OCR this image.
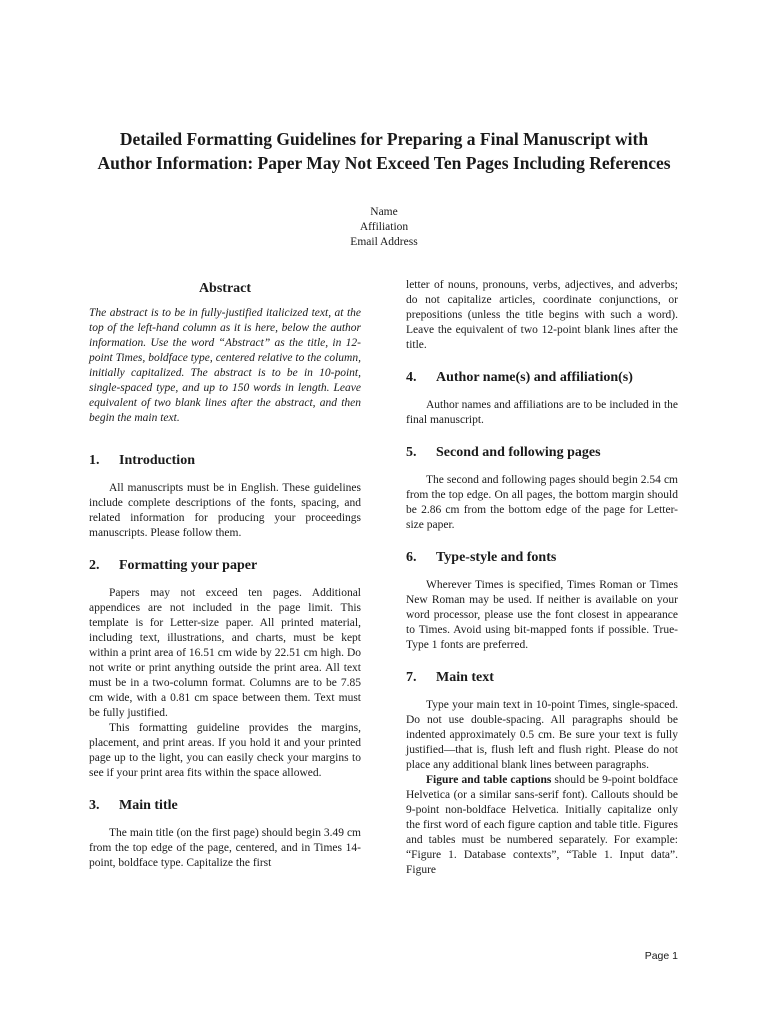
Detailed Formatting Guidelines for Preparing a Final Manuscript with
Author Information: Paper May Not Exceed Ten Pages Including References
Name
Affiliation
Email Address
Abstract

The abstract is to be in fully-justified italicized text, at the top of the left-hand column as it is here, below the author information. Use the word “Abstract” as the title, in 12-point Times, boldface type, centered relative to the column, initially capitalized. The abstract is to be in 10-point, single-spaced type, and up to 150 words in length. Leave equivalent of two blank lines after the abstract, and then begin the main text.

1.	Introduction

All manuscripts must be in English. These guidelines include complete descriptions of the fonts, spacing, and related information for producing your proceedings manuscripts. Please follow them.

2.	Formatting your paper

Papers may not exceed ten pages. Additional appendices are not included in the page limit. This template is for Letter-size paper. All printed material, including text, illustrations, and charts, must be kept within a print area of 16.51 cm wide by 22.51 cm high. Do not write or print anything outside the print area. All text must be in a two-column format. Columns are to be 7.85 cm wide, with a 0.81 cm space between them. Text must be fully justified.

This formatting guideline provides the margins, placement, and print areas. If you hold it and your printed page up to the light, you can easily check your margins to see if your print area fits within the space allowed.

3.	Main title

The main title (on the first page) should begin 3.49 cm from the top edge of the page, centered, and in Times 14-point, boldface type. Capitalize the first

letter of nouns, pronouns, verbs, adjectives, and adverbs; do not capitalize articles, coordinate conjunctions, or prepositions (unless the title begins with such a word). Leave the equivalent of two 12-point blank lines after the title.

4.	Author name(s) and affiliation(s)

Author names and affiliations are to be included in the final manuscript.

5.	Second and following pages

The second and following pages should begin 2.54 cm from the top edge. On all pages, the bottom margin should be 2.86 cm from the bottom edge of the page for Letter-size paper.

6.	Type-style and fonts

Wherever Times is specified, Times Roman or Times New Roman may be used. If neither is available on your word processor, please use the font closest in appearance to Times. Avoid using bit-mapped fonts if possible. True-Type 1 fonts are preferred.

7.	Main text

Type your main text in 10-point Times, single-spaced. Do not use double-spacing. All paragraphs should be indented approximately 0.5 cm. Be sure your text is fully justified—that is, flush left and flush right. Please do not place any additional blank lines between paragraphs.

Figure and table captions should be 9-point boldface Helvetica (or a similar sans-serif font). Callouts should be 9-point non-boldface Helvetica. Initially capitalize only the first word of each figure caption and table title. Figures and tables must be numbered separately. For example: “Figure 1. Database contexts”, “Table 1. Input data”. Figure

Page 1
